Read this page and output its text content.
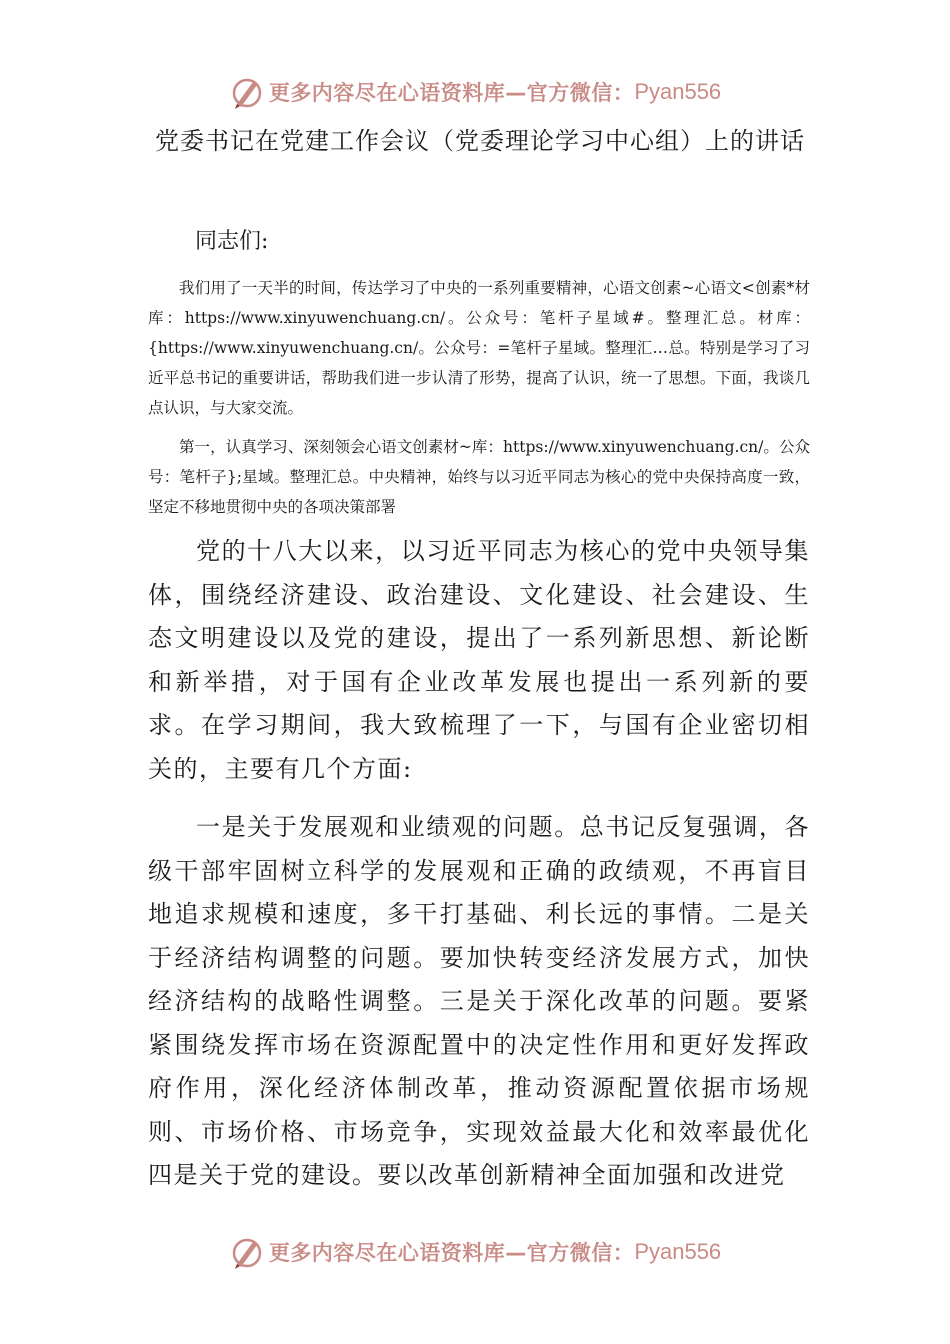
更多内容尽在心语资料库—官方微信： Pyan556
党委书记在党建工作会议（党委理论学习中心组）上的讲话

同志们:

我们用了一天半的时间，传达学习了中央的一系列重要精神，心语文创素~心语文<创素*材库：https://www.xinyuwenchuang.cn/。公众号：笔杆子星域#。整理汇总。材库：{https://www.xinyuwenchuang.cn/。公众号：=笔杆子星域。整理汇…总。特别是学习了习近平总书记的重要讲话，帮助我们进一步认清了形势，提高了认识，统一了思想。下面，我谈几点认识，与大家交流。

第一，认真学习、深刻领会心语文创素材~库：https://www.xinyuwenchuang.cn/。公众号：笔杆子};星域。整理汇总。中央精神，始终与以习近平同志为核心的党中央保持高度一致，坚定不移地贯彻中央的各项决策部署

党的十八大以来，以习近平同志为核心的党中央领导集体，围绕经济建设、政治建设、文化建设、社会建设、生态文明建设以及党的建设，提出了一系列新思想、新论断和新举措，对于国有企业改革发展也提出一系列新的要求。在学习期间，我大致梳理了一下，与国有企业密切相关的，主要有几个方面:

一是关于发展观和业绩观的问题。总书记反复强调，各级干部牢固树立科学的发展观和正确的政绩观，不再盲目地追求规模和速度，多干打基础、利长远的事情。二是关于经济结构调整的问题。要加快转变经济发展方式，加快经济结构的战略性调整。三是关于深化改革的问题。要紧紧围绕发挥市场在资源配置中的决定性作用和更好发挥政府作用，深化经济体制改革，推动资源配置依据市场规则、市场价格、市场竞争，实现效益最大化和效率最优化四是关于党的建设。要以改革创新精神全面加强和改进党

更多内容尽在心语资料库—官方微信： Pyan556
